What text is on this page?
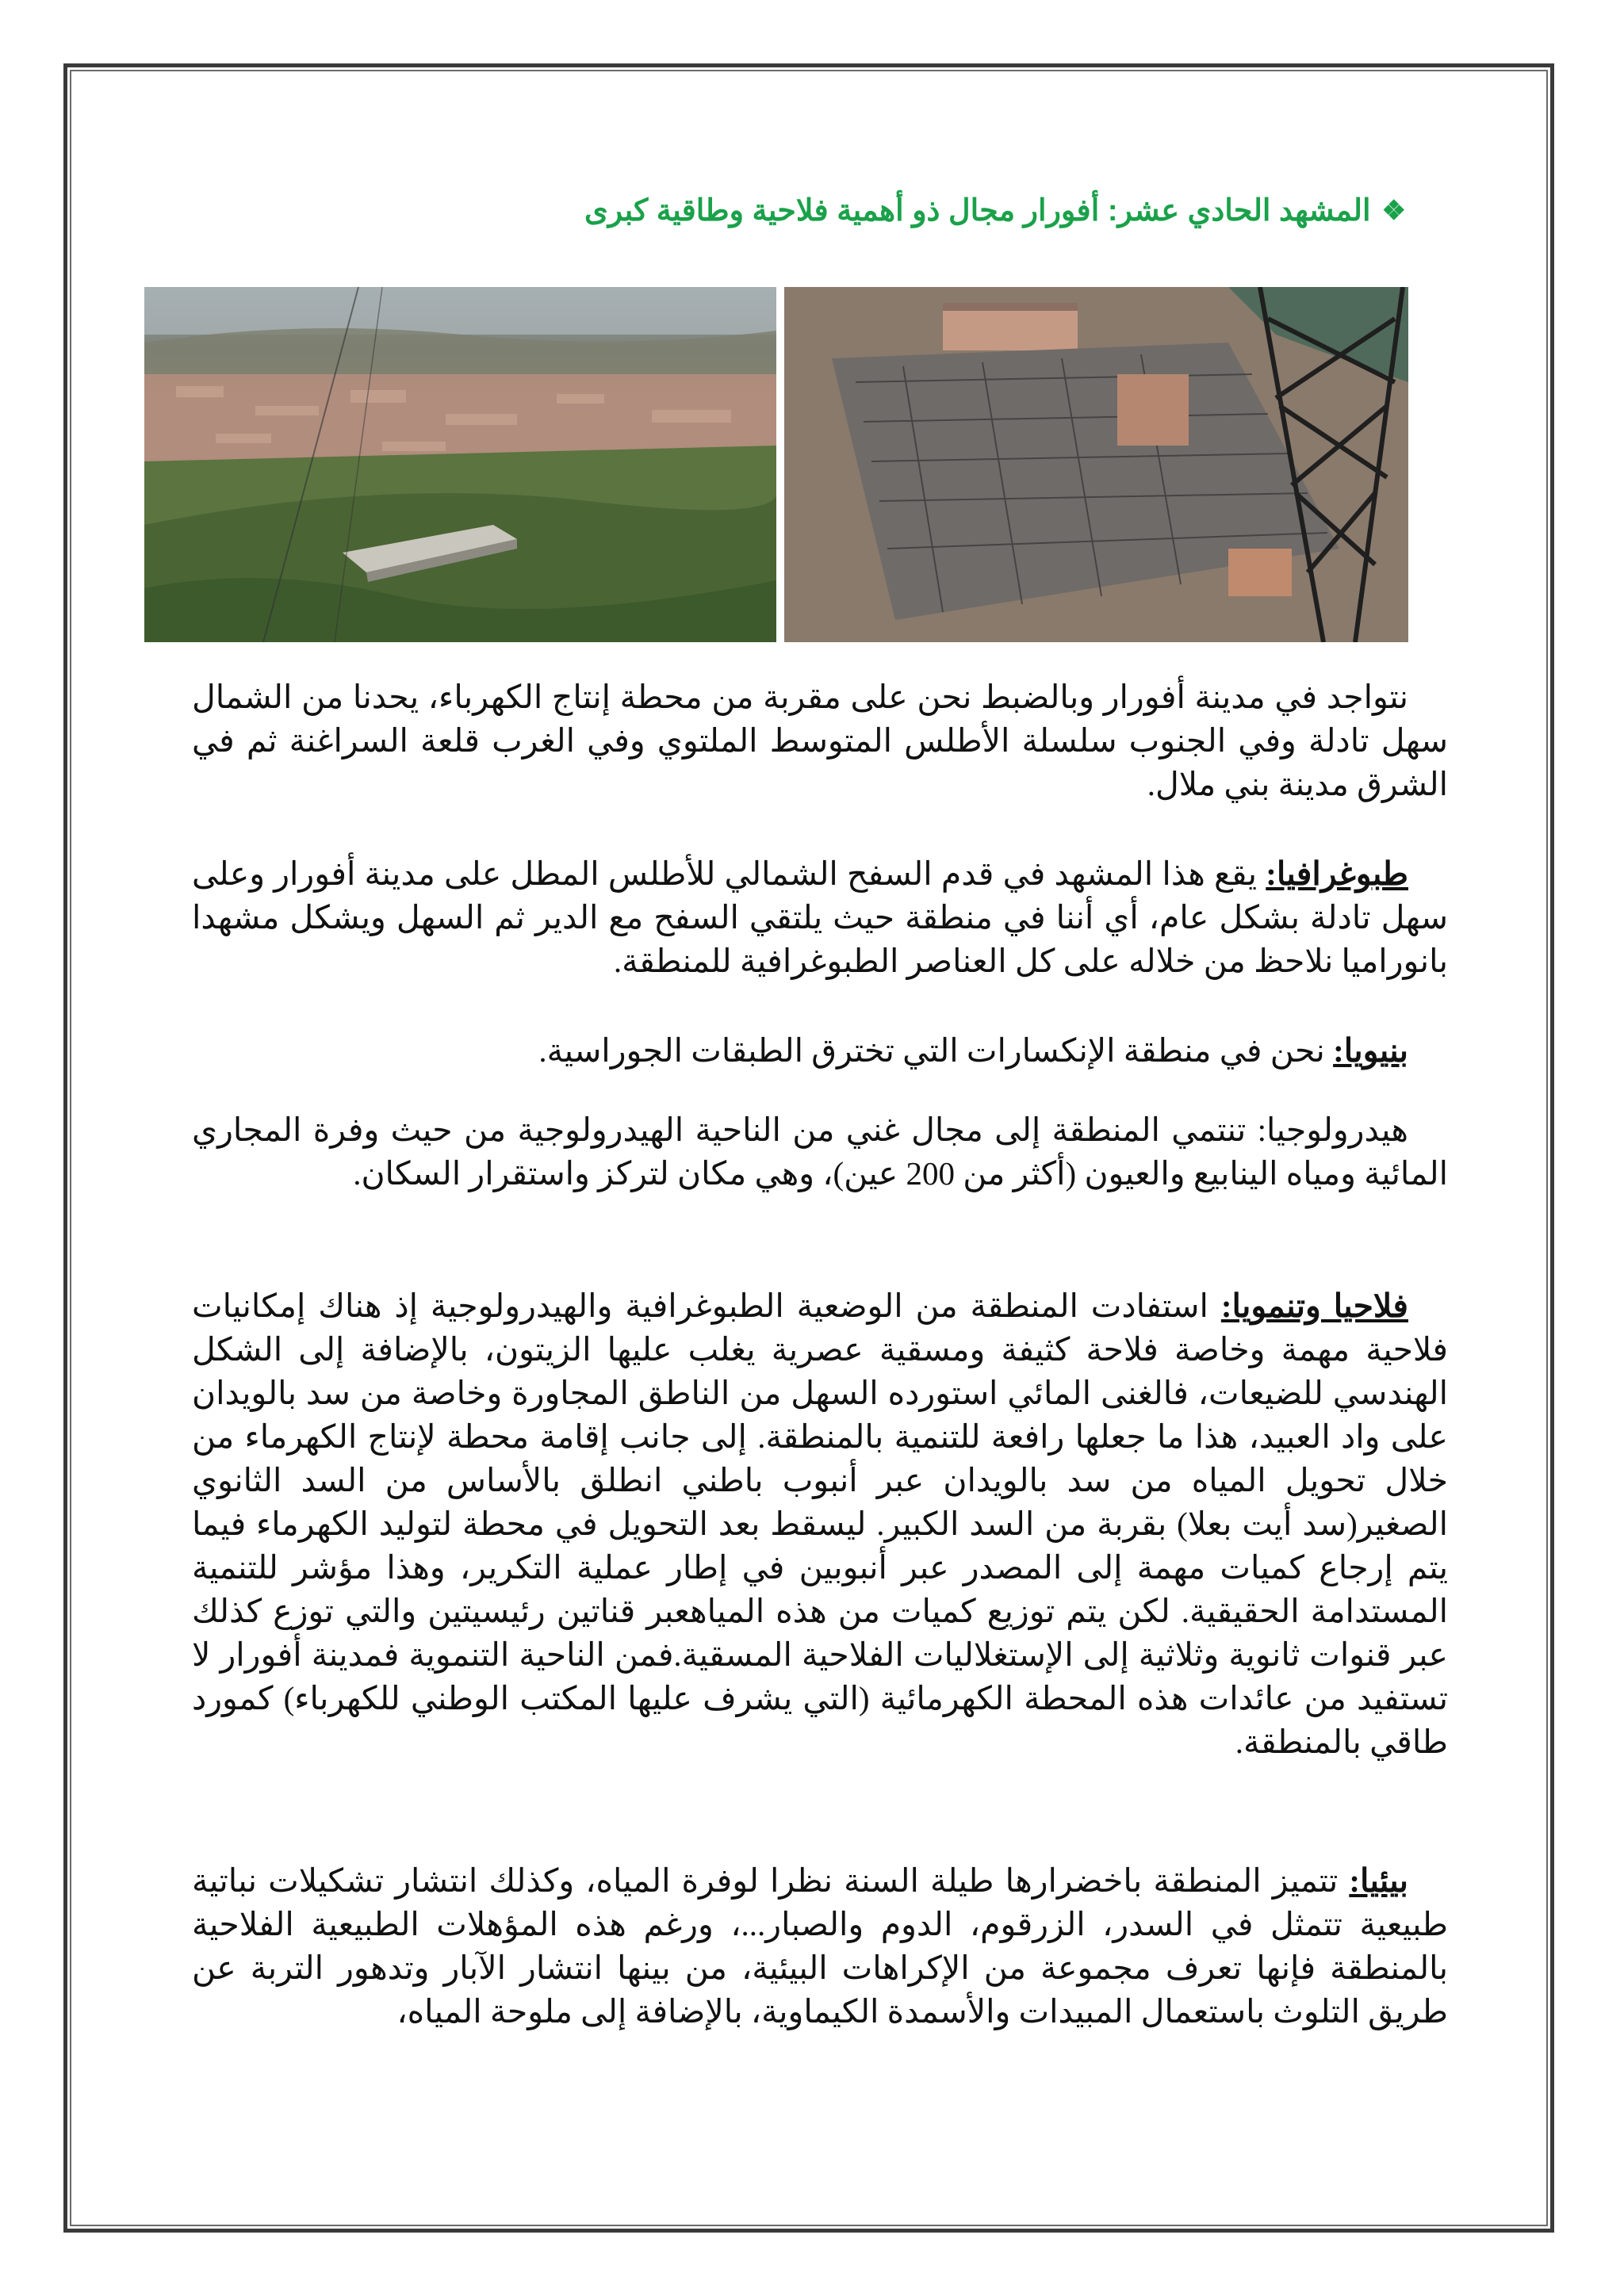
❖
المشهد الحادي عشر: أفورار مجال ذو أهمية فلاحية وطاقية كبرى

نتواجد في مدينة أفورار وبالضبط نحن على مقربة من محطة إنتاج الكهرباء، يحدنا من الشمال سهل تادلة وفي الجنوب سلسلة الأطلس المتوسط الملتوي وفي الغرب قلعة السراغنة ثم في الشرق مدينة بني ملال.

طبوغرافيا: يقع هذا المشهد في قدم السفح الشمالي للأطلس المطل على مدينة أفورار وعلى سهل تادلة بشكل عام، أي أننا في منطقة حيث يلتقي السفح مع الدير ثم السهل ويشكل مشهدا بانوراميا نلاحظ من خلاله على كل العناصر الطبوغرافية للمنطقة.

بنيويا: نحن في منطقة الإنكسارات التي تخترق الطبقات الجوراسية.

هيدرولوجيا: تنتمي المنطقة إلى مجال غني من الناحية الهيدرولوجية من حيث وفرة المجاري المائية ومياه الينابيع والعيون (أكثر من 200 عين)، وهي مكان لتركز واستقرار السكان.

فلاحيا وتنمويا: استفادت المنطقة من الوضعية الطبوغرافية والهيدرولوجية إذ هناك إمكانيات فلاحية مهمة وخاصة فلاحة كثيفة ومسقية عصرية يغلب عليها الزيتون، بالإضافة إلى الشكل الهندسي للضيعات، فالغنى المائي استورده السهل من الناطق المجاورة وخاصة من سد بالويدان على واد العبيد، هذا ما جعلها رافعة للتنمية بالمنطقة. إلى جانب إقامة محطة لإنتاج الكهرماء من خلال تحويل المياه من سد بالويدان عبر أنبوب باطني انطلق بالأساس من السد الثانوي الصغير(سد أيت بعلا) بقربة من السد الكبير. ليسقط بعد التحويل في محطة لتوليد الكهرماء فيما يتم إرجاع كميات مهمة إلى المصدر عبر أنبوبين في إطار عملية التكرير، وهذا مؤشر للتنمية المستدامة الحقيقية. لكن يتم توزيع كميات من هذه المياهعبر قناتين رئيسيتين والتي توزع كذلك عبر قنوات ثانوية وثلاثية إلى الإستغلاليات الفلاحية المسقية.فمن الناحية التنموية فمدينة أفورار لا تستفيد من عائدات هذه المحطة الكهرمائية (التي يشرف عليها المكتب الوطني للكهرباء) كمورد طاقي بالمنطقة.

بيئيا: تتميز المنطقة باخضرارها طيلة السنة نظرا لوفرة المياه، وكذلك انتشار تشكيلات نباتية طبيعية تتمثل في السدر، الزرقوم، الدوم والصبار...، ورغم هذه المؤهلات الطبيعية الفلاحية بالمنطقة فإنها تعرف مجموعة من الإكراهات البيئية، من بينها انتشار الآبار وتدهور التربة عن طريق التلوث باستعمال المبيدات والأسمدة الكيماوية، بالإضافة إلى ملوحة المياه،
